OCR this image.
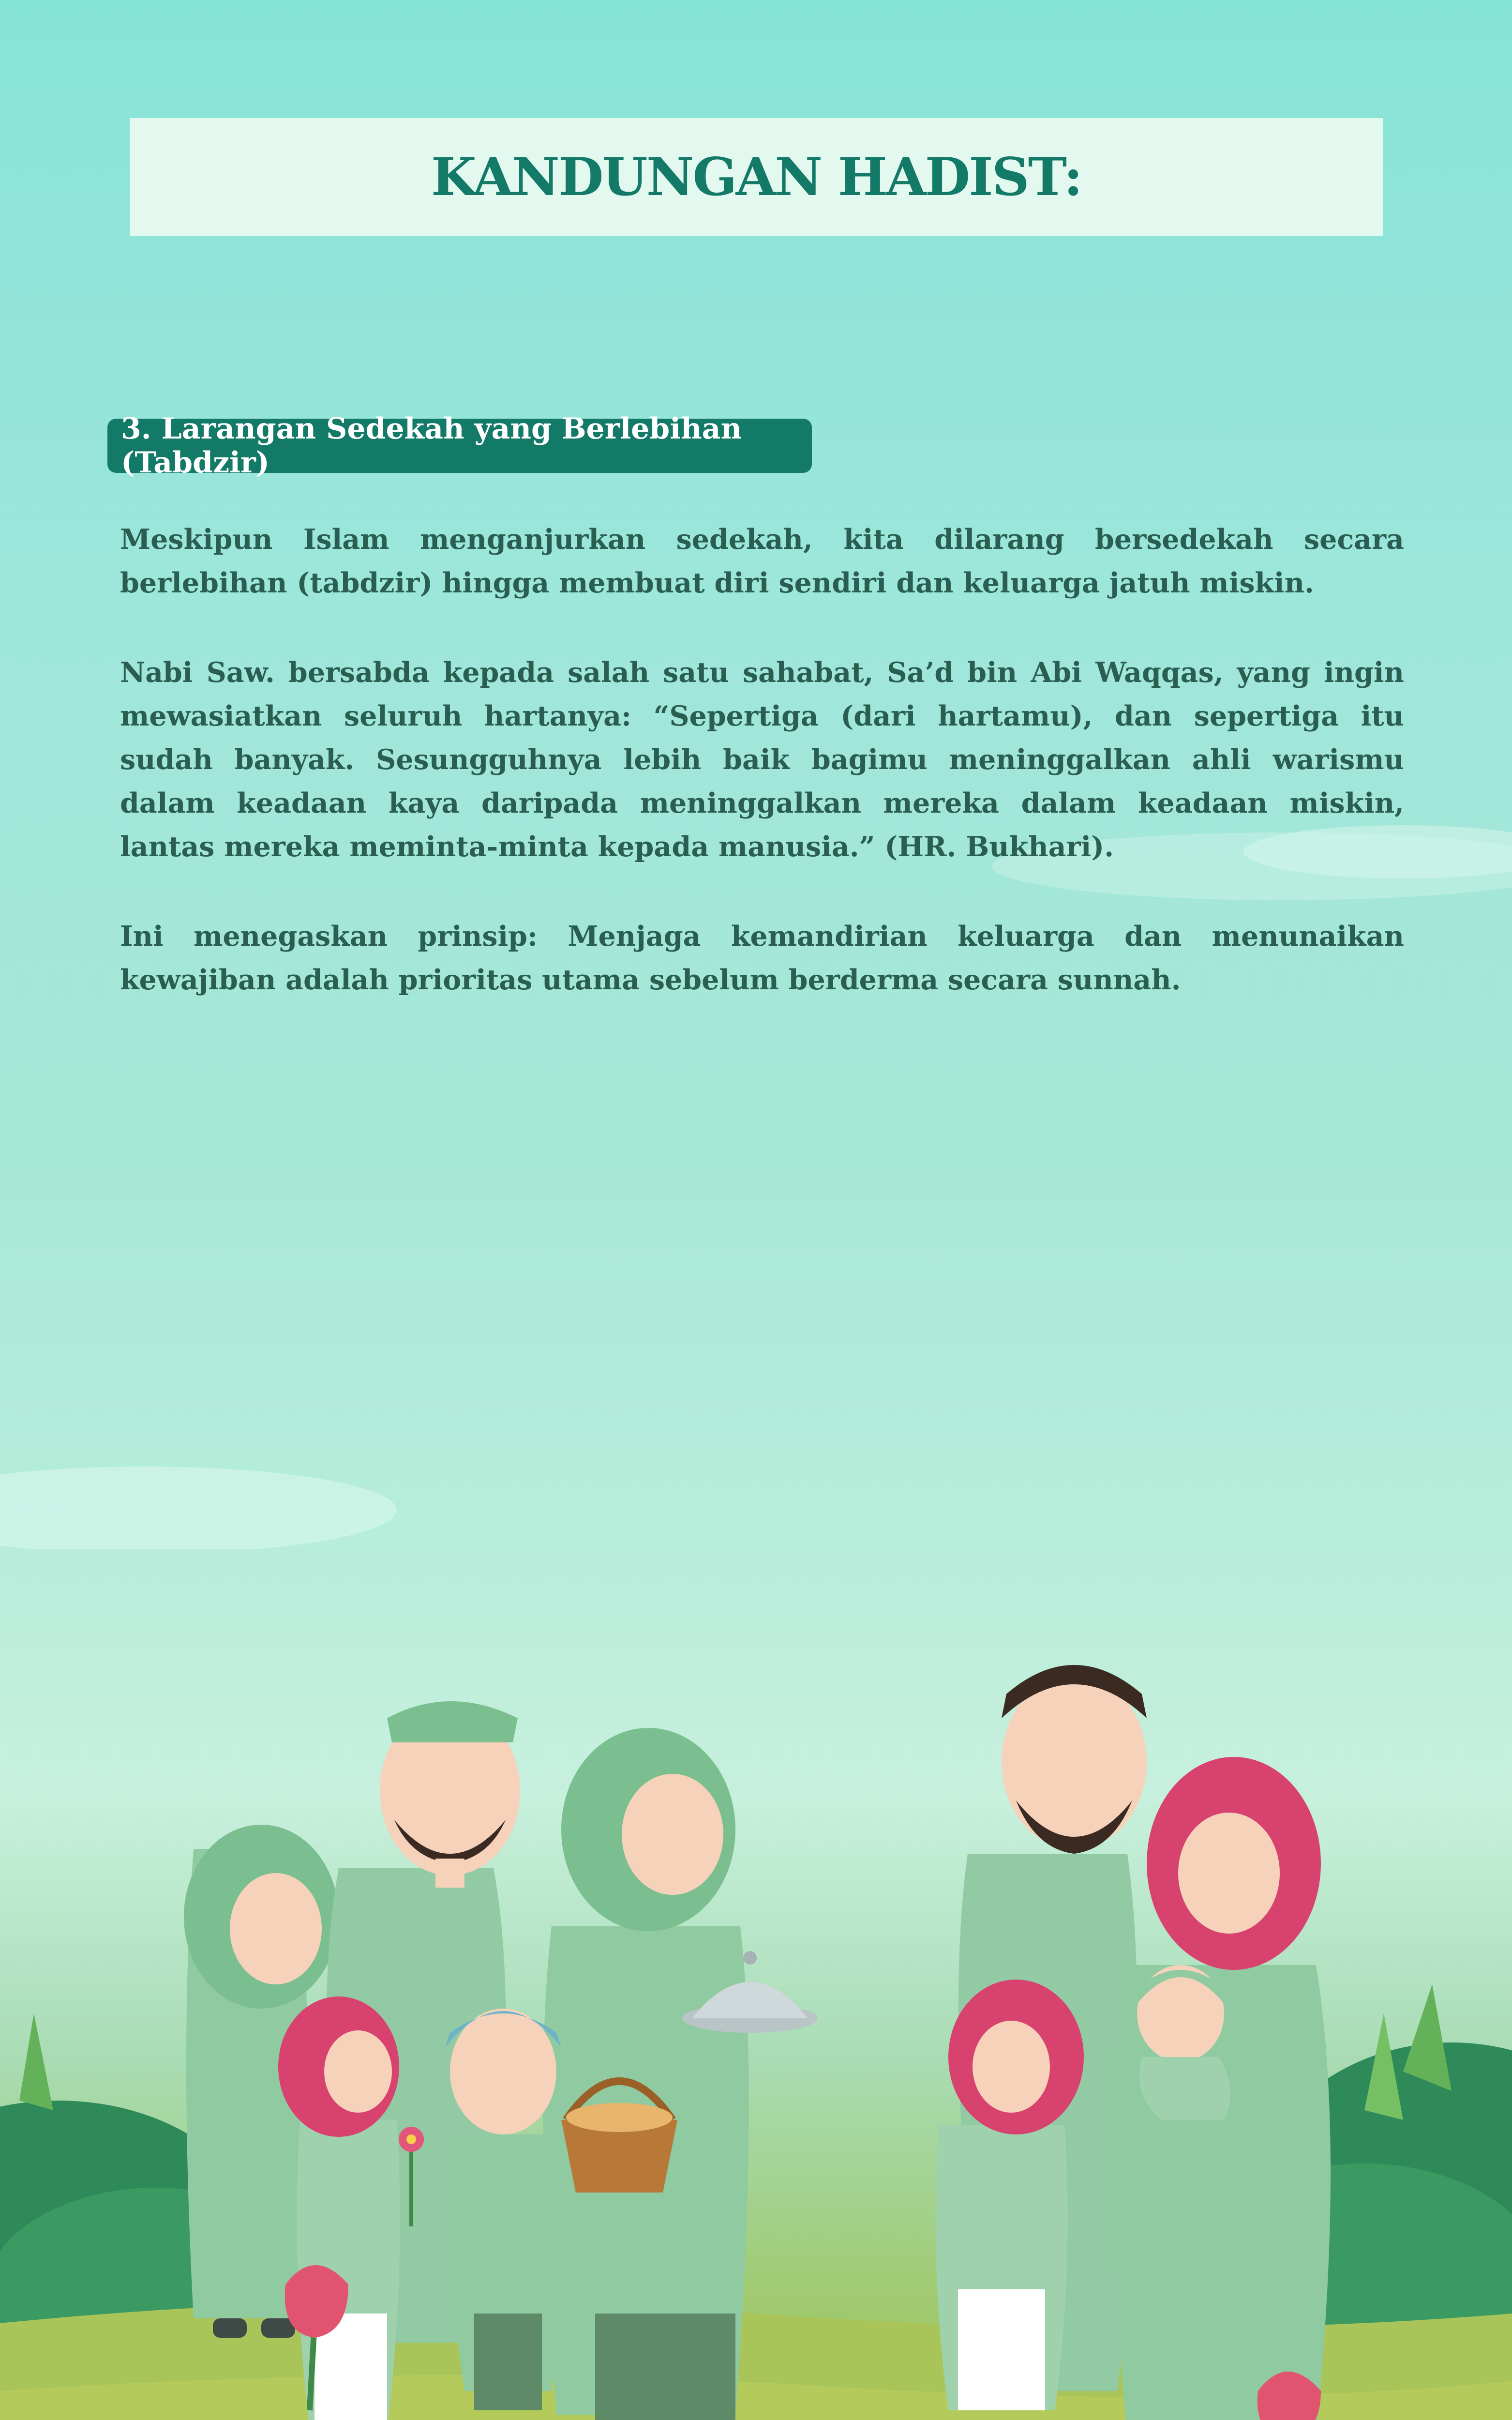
KANDUNGAN HADIST:
3. Larangan Sedekah yang Berlebihan (Tabdzir)

Meskipun Islam menganjurkan sedekah, kita dilarang bersedekah secara berlebihan (tabdzir) hingga membuat diri sendiri dan keluarga jatuh miskin.

Nabi Saw. bersabda kepada salah satu sahabat, Sa’d bin Abi Waqqas, yang ingin mewasiatkan seluruh hartanya: “Sepertiga (dari hartamu), dan sepertiga itu sudah banyak. Sesungguhnya lebih baik bagimu meninggalkan ahli warismu dalam keadaan kaya daripada meninggalkan mereka dalam keadaan miskin, lantas mereka meminta-minta kepada manusia.” (HR. Bukhari).

Ini menegaskan prinsip: Menjaga kemandirian keluarga dan menunaikan kewajiban adalah prioritas utama sebelum berderma secara sunnah.
